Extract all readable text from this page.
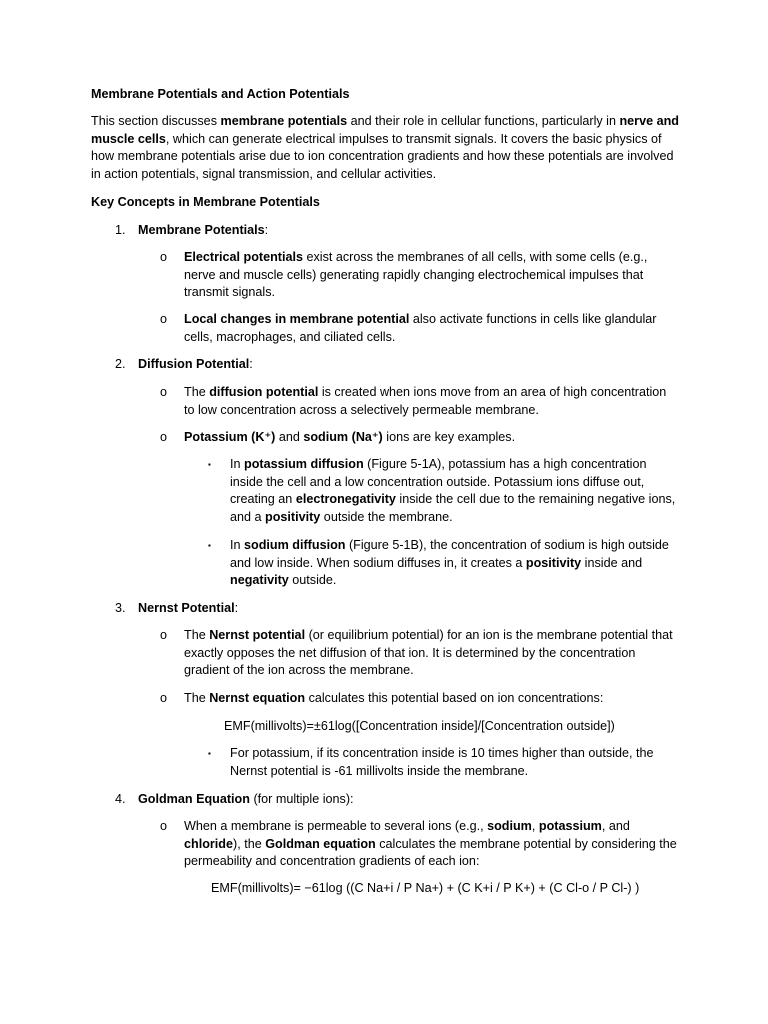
Membrane Potentials and Action Potentials

This section discusses membrane potentials and their role in cellular functions, particularly in nerve and muscle cells, which can generate electrical impulses to transmit signals. It covers the basic physics of how membrane potentials arise due to ion concentration gradients and how these potentials are involved in action potentials, signal transmission, and cellular activities.

Key Concepts in Membrane Potentials

1. Membrane Potentials:
o	Electrical potentials exist across the membranes of all cells, with some cells (e.g., nerve and muscle cells) generating rapidly changing electrochemical impulses that transmit signals.

o	Local changes in membrane potential also activate functions in cells like glandular cells, macrophages, and ciliated cells.

2. Diffusion Potential:
o	The diffusion potential is created when ions move from an area of high concentration to low concentration across a selectively permeable membrane.

o	Potassium (K⁺) and sodium (Na⁺) ions are key examples.

▪ In potassium diffusion (Figure 5-1A), potassium has a high concentration inside the cell and a low concentration outside. Potassium ions diffuse out, creating an electronegativity inside the cell due to the remaining negative ions, and a positivity outside the membrane.

▪ In sodium diffusion (Figure 5-1B), the concentration of sodium is high outside and low inside. When sodium diffuses in, it creates a positivity inside and negativity outside.

3. Nernst Potential:
o	The Nernst potential (or equilibrium potential) for an ion is the membrane potential that exactly opposes the net diffusion of that ion. It is determined by the concentration gradient of the ion across the membrane.

o	The Nernst equation calculates this potential based on ion concentrations:

EMF(millivolts)=±61log([Concentration inside]/[Concentration outside])
▪ For potassium, if its concentration inside is 10 times higher than outside, the Nernst potential is -61 millivolts inside the membrane.

4. Goldman Equation (for multiple ions):
o	When a membrane is permeable to several ions (e.g., sodium, potassium, and chloride), the Goldman equation calculates the membrane potential by considering the permeability and concentration gradients of each ion:

EMF(millivolts)= −61log ((C Na+i / P Na+) + (C K+i / P K+) + (C Cl-o / P Cl-) )
